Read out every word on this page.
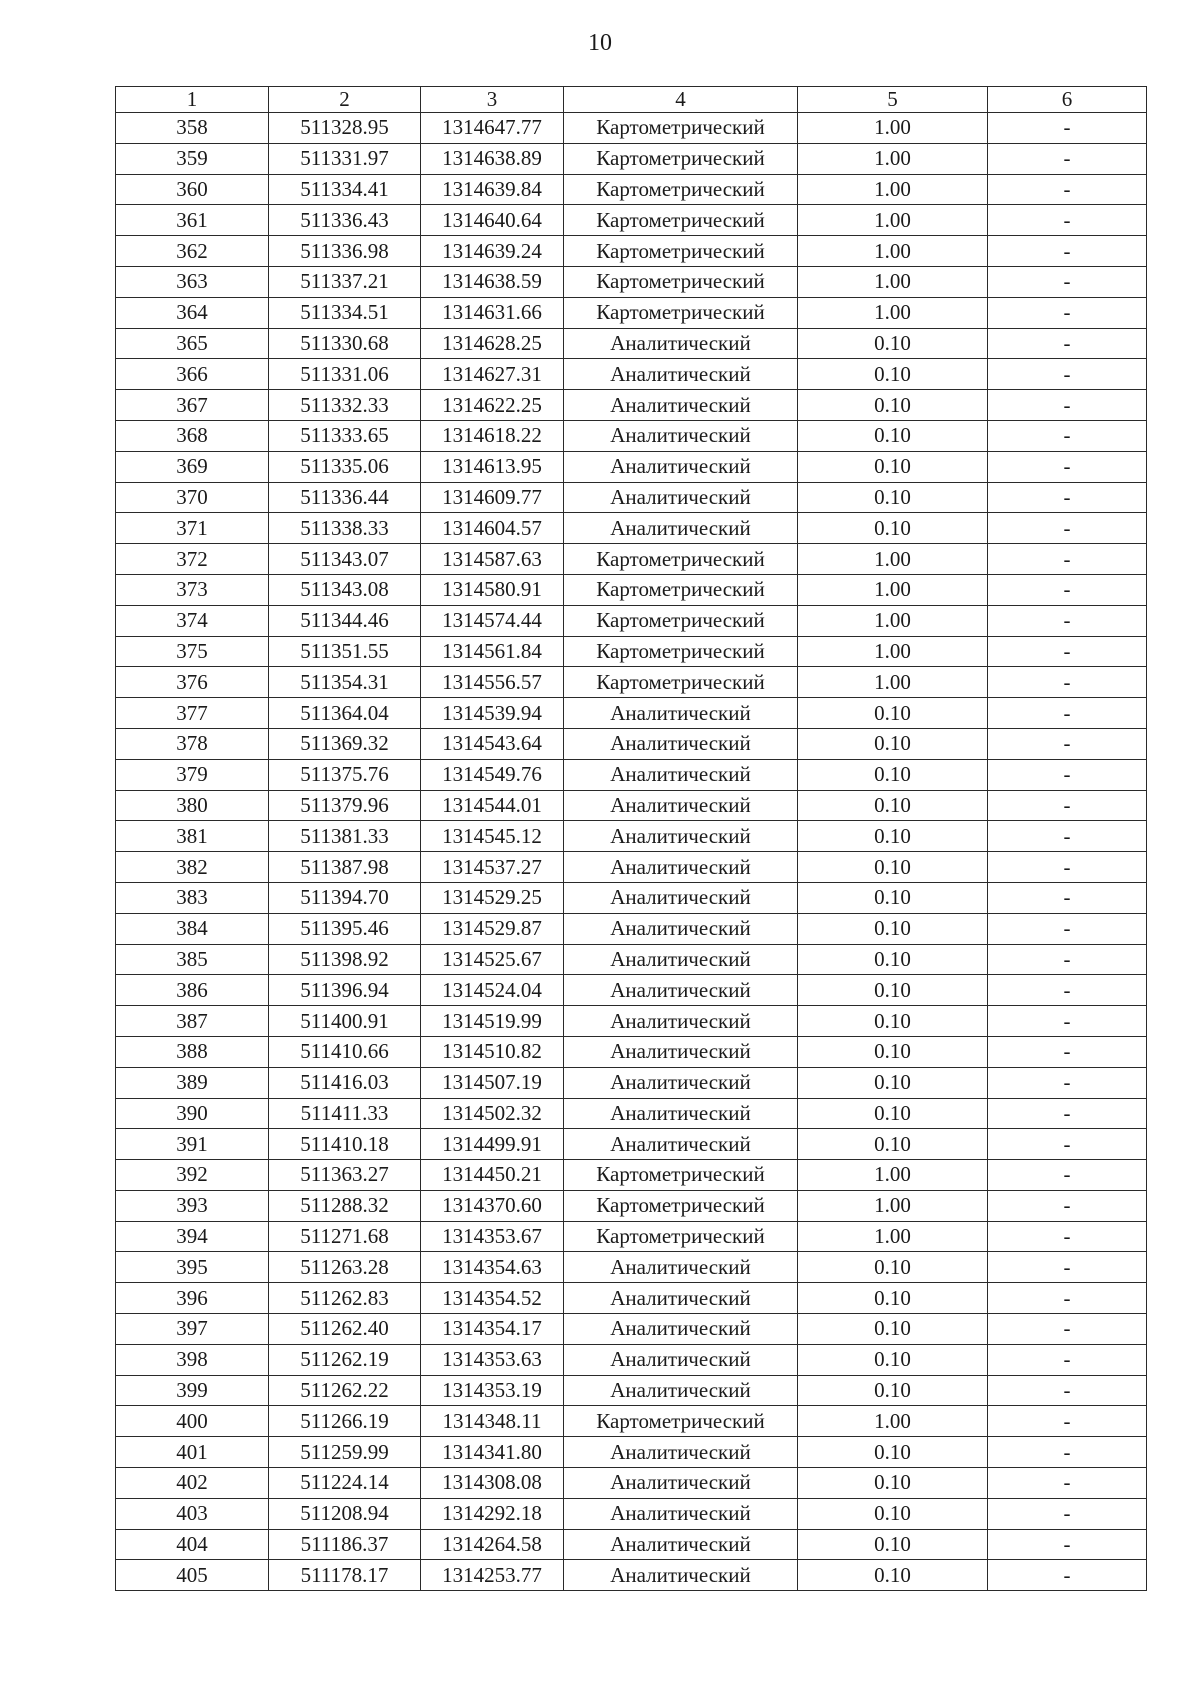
10
1	2	3	4	5	6
358	511328.95	1314647.77	Картометрический	1.00	-
359	511331.97	1314638.89	Картометрический	1.00	-
360	511334.41	1314639.84	Картометрический	1.00	-
361	511336.43	1314640.64	Картометрический	1.00	-
362	511336.98	1314639.24	Картометрический	1.00	-
363	511337.21	1314638.59	Картометрический	1.00	-
364	511334.51	1314631.66	Картометрический	1.00	-
365	511330.68	1314628.25	Аналитический	0.10	-
366	511331.06	1314627.31	Аналитический	0.10	-
367	511332.33	1314622.25	Аналитический	0.10	-
368	511333.65	1314618.22	Аналитический	0.10	-
369	511335.06	1314613.95	Аналитический	0.10	-
370	511336.44	1314609.77	Аналитический	0.10	-
371	511338.33	1314604.57	Аналитический	0.10	-
372	511343.07	1314587.63	Картометрический	1.00	-
373	511343.08	1314580.91	Картометрический	1.00	-
374	511344.46	1314574.44	Картометрический	1.00	-
375	511351.55	1314561.84	Картометрический	1.00	-
376	511354.31	1314556.57	Картометрический	1.00	-
377	511364.04	1314539.94	Аналитический	0.10	-
378	511369.32	1314543.64	Аналитический	0.10	-
379	511375.76	1314549.76	Аналитический	0.10	-
380	511379.96	1314544.01	Аналитический	0.10	-
381	511381.33	1314545.12	Аналитический	0.10	-
382	511387.98	1314537.27	Аналитический	0.10	-
383	511394.70	1314529.25	Аналитический	0.10	-
384	511395.46	1314529.87	Аналитический	0.10	-
385	511398.92	1314525.67	Аналитический	0.10	-
386	511396.94	1314524.04	Аналитический	0.10	-
387	511400.91	1314519.99	Аналитический	0.10	-
388	511410.66	1314510.82	Аналитический	0.10	-
389	511416.03	1314507.19	Аналитический	0.10	-
390	511411.33	1314502.32	Аналитический	0.10	-
391	511410.18	1314499.91	Аналитический	0.10	-
392	511363.27	1314450.21	Картометрический	1.00	-
393	511288.32	1314370.60	Картометрический	1.00	-
394	511271.68	1314353.67	Картометрический	1.00	-
395	511263.28	1314354.63	Аналитический	0.10	-
396	511262.83	1314354.52	Аналитический	0.10	-
397	511262.40	1314354.17	Аналитический	0.10	-
398	511262.19	1314353.63	Аналитический	0.10	-
399	511262.22	1314353.19	Аналитический	0.10	-
400	511266.19	1314348.11	Картометрический	1.00	-
401	511259.99	1314341.80	Аналитический	0.10	-
402	511224.14	1314308.08	Аналитический	0.10	-
403	511208.94	1314292.18	Аналитический	0.10	-
404	511186.37	1314264.58	Аналитический	0.10	-
405	511178.17	1314253.77	Аналитический	0.10	-
